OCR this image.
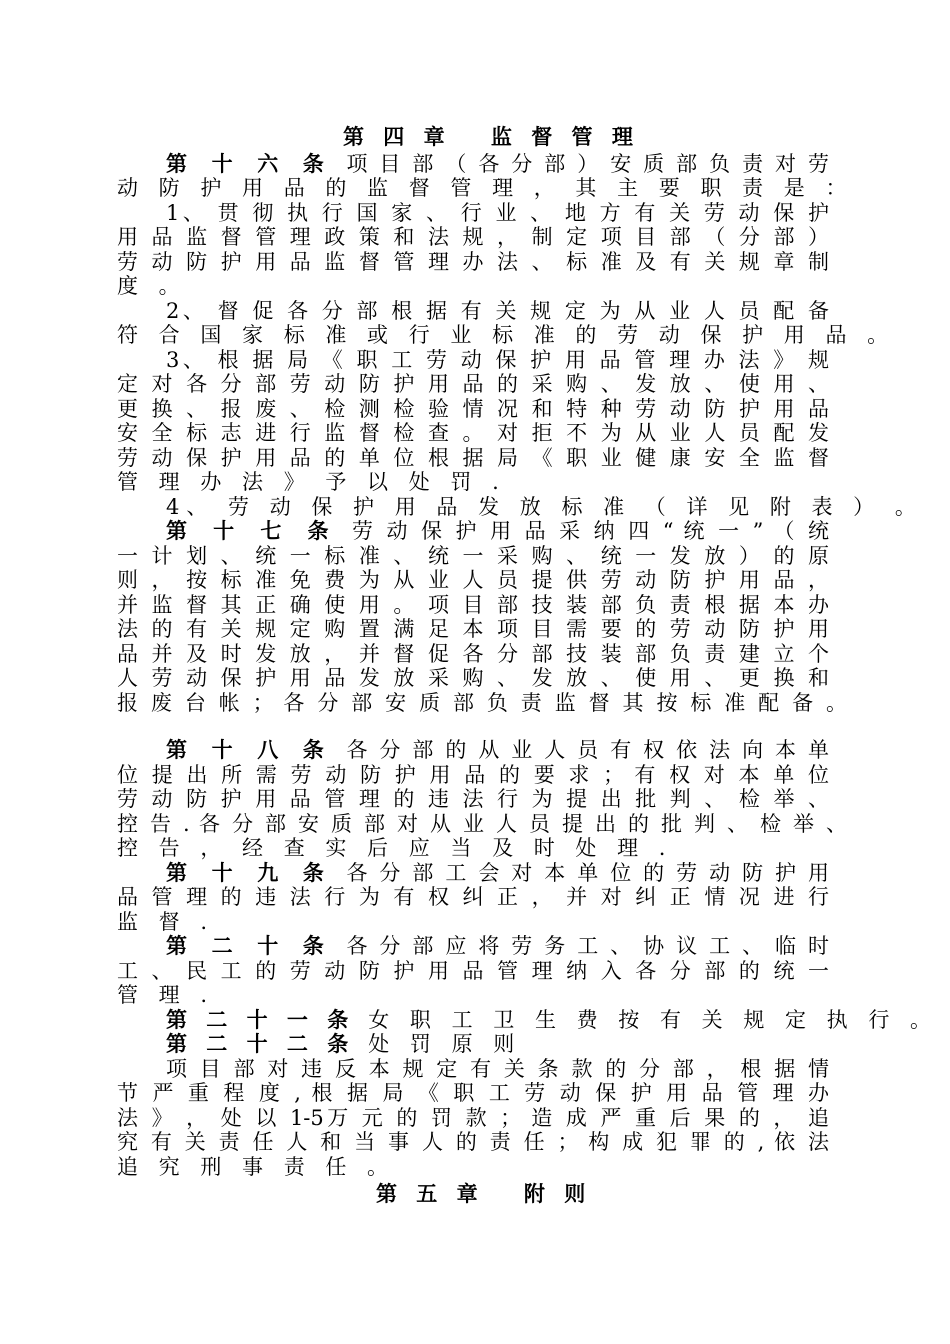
第 四 章　 监 督 管 理
第 十 六 条 项 目 部 （ 各 分 部 ） 安 质 部 负 责 对 劳
动 防 护 用 品 的 监 督 管 理 ， 其 主 要 职 责 是 ：
1、 贯 彻 执 行 国 家 、 行 业 、 地 方 有 关 劳 动 保 护
用 品 监 督 管 理 政 策 和 法 规 ， 制 定 项 目 部 （ 分 部 ）
劳 动 防 护 用 品 监 督 管 理 办 法 、 标 准 及 有 关 规 章 制
度 。
2、 督 促 各 分 部 根 据 有 关 规 定 为 从 业 人 员 配 备
符 合 国 家 标 准 或 行 业 标 准 的 劳 动 保 护 用 品 。
3、 根 据 局 《 职 工 劳 动 保 护 用 品 管 理 办 法 》 规
定 对 各 分 部 劳 动 防 护 用 品 的 采 购 、 发 放 、 使 用 、
更 换 、 报 废 、 检 测 检 验 情 况 和 特 种 劳 动 防 护 用 品
安 全 标 志 进 行 监 督 检 查 。 对 拒 不 为 从 业 人 员 配 发
劳 动 保 护 用 品 的 单 位 根 据 局 《 职 业 健 康 安 全 监 督
管 理 办 法 》 予 以 处 罚 .
4、 劳 动 保 护 用 品 发 放 标 准 （ 详 见 附 表 ） 。
第 十 七 条 劳 动 保 护 用 品 采 纳 四 “ 统 一 ” （ 统
一 计 划 、 统 一 标 准 、 统 一 采 购 、 统 一 发 放 ） 的 原
则 ， 按 标 准 免 费 为 从 业 人 员 提 供 劳 动 防 护 用 品 ，
并 监 督 其 正 确 使 用 。 项 目 部 技 装 部 负 责 根 据 本 办
法 的 有 关 规 定 购 置 满 足 本 项 目 需 要 的 劳 动 防 护 用
品 并 及 时 发 放 ， 并 督 促 各 分 部 技 装 部 负 责 建 立 个
人 劳 动 保 护 用 品 发 放 采 购 、 发 放 、 使 用 、 更 换 和
报 废 台 帐 ； 各 分 部 安 质 部 负 责 监 督 其 按 标 准 配 备 。
第 十 八 条 各 分 部 的 从 业 人 员 有 权 依 法 向 本 单
位 提 出 所 需 劳 动 防 护 用 品 的 要 求 ； 有 权 对 本 单 位
劳 动 防 护 用 品 管 理 的 违 法 行 为 提 出 批 判 、 检 举 、
控 告 . 各 分 部 安 质 部 对 从 业 人 员 提 出 的 批 判 、 检 举 、
控 告 ， 经 查 实 后 应 当 及 时 处 理 .
第 十 九 条 各 分 部 工 会 对 本 单 位 的 劳 动 防 护 用
品 管 理 的 违 法 行 为 有 权 纠 正 ， 并 对 纠 正 情 况 进 行
监 督 .
第 二 十 条 各 分 部 应 将 劳 务 工 、 协 议 工 、 临 时
工 、 民 工 的 劳 动 防 护 用 品 管 理 纳 入 各 分 部 的 统 一
管 理 .
第 二 十 一 条 女 职 工 卫 生 费 按 有 关 规 定 执 行 。
第 二 十 二 条 处 罚 原 则
项 目 部 对 违 反 本 规 定 有 关 条 款 的 分 部 ， 根 据 情
节 严 重 程 度 , 根 据 局 《 职 工 劳 动 保 护 用 品 管 理 办
法 》 ， 处 以 1-5万 元 的 罚 款 ； 造 成 严 重 后 果 的 ， 追
究 有 关 责 任 人 和 当 事 人 的 责 任 ； 构 成 犯 罪 的 , 依 法
追 究 刑 事 责 任 。
第 五 章　 附 则
